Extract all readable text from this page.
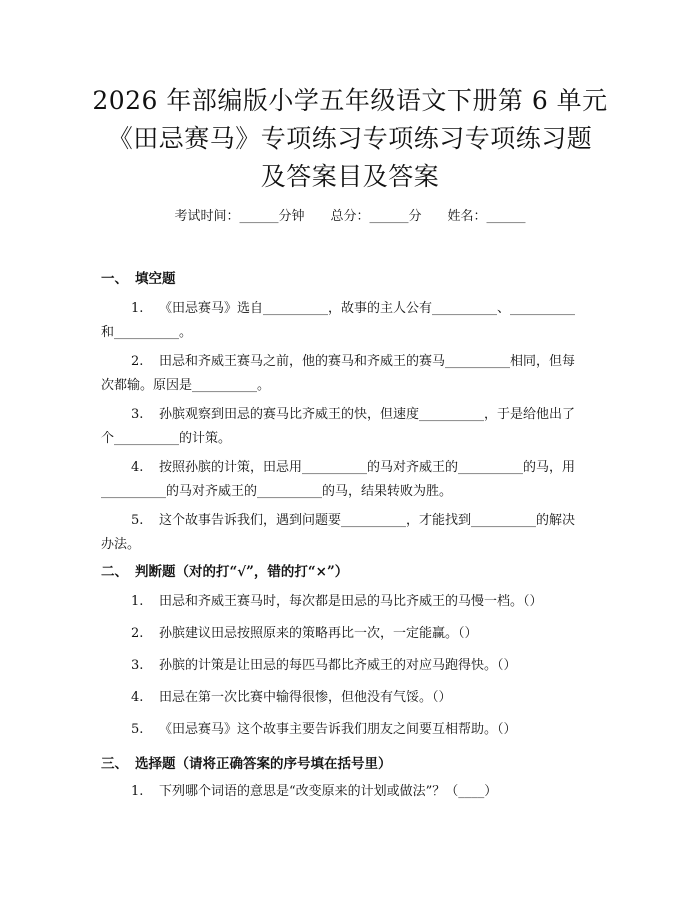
2026 年部编版小学五年级语文下册第 6 单元
《田忌赛马》专项练习专项练习专项练习题
及答案目及答案
考试时间：______分钟 总分：______分 姓名：______
一、 填空题
1. 《田忌赛马》选自__________，故事的主人公有__________、__________
和__________。
2. 田忌和齐威王赛马之前，他的赛马和齐威王的赛马__________相同，但每
次都输。原因是__________。
3. 孙膑观察到田忌的赛马比齐威王的快，但速度__________，于是给他出了
个__________的计策。
4. 按照孙膑的计策，田忌用__________的马对齐威王的__________的马，用
__________的马对齐威王的__________的马，结果转败为胜。
5. 这个故事告诉我们，遇到问题要__________，才能找到__________的解决
办法。
二、 判断题（对的打“√”，错的打“×”）
1. 田忌和齐威王赛马时，每次都是田忌的马比齐威王的马慢一档。（）
2. 孙膑建议田忌按照原来的策略再比一次，一定能赢。（）
3. 孙膑的计策是让田忌的每匹马都比齐威王的对应马跑得快。（）
4. 田忌在第一次比赛中输得很惨，但他没有气馁。（）
5. 《田忌赛马》这个故事主要告诉我们朋友之间要互相帮助。（）
三、 选择题（请将正确答案的序号填在括号里）
1. 下列哪个词语的意思是“改变原来的计划或做法”？（____）
